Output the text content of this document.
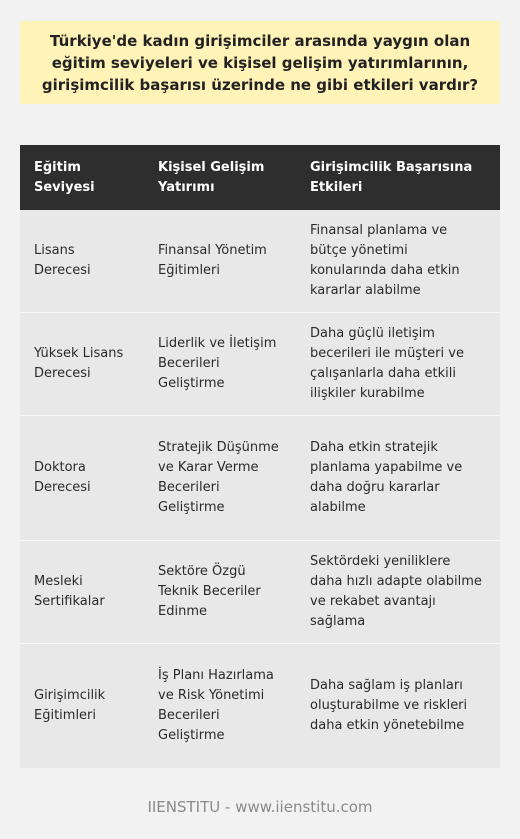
Türkiye'de kadın girişimciler arasında yaygın olan eğitim seviyeleri ve kişisel gelişim yatırımlarının, girişimcilik başarısı üzerinde ne gibi etkileri vardır?
Eğitim Seviyesi	Kişisel Gelişim Yatırımı	Girişimcilik Başarısına Etkileri
Lisans Derecesi	Finansal Yönetim Eğitimleri	Finansal planlama ve bütçe yönetimi konularında daha etkin kararlar alabilme
Yüksek Lisans Derecesi	Liderlik ve İletişim Becerileri Geliştirme	Daha güçlü iletişim becerileri ile müşteri ve çalışanlarla daha etkili ilişkiler kurabilme
Doktora Derecesi	Stratejik Düşünme ve Karar Verme Becerileri Geliştirme	Daha etkin stratejik planlama yapabilme ve daha doğru kararlar alabilme
Mesleki Sertifikalar	Sektöre Özgü Teknik Beceriler Edinme	Sektördeki yeniliklere daha hızlı adapte olabilme ve rekabet avantajı sağlama
Girişimcilik Eğitimleri	İş Planı Hazırlama ve Risk Yönetimi Becerileri Geliştirme	Daha sağlam iş planları oluşturabilme ve riskleri daha etkin yönetebilme
IIENSTITU - www.iienstitu.com
